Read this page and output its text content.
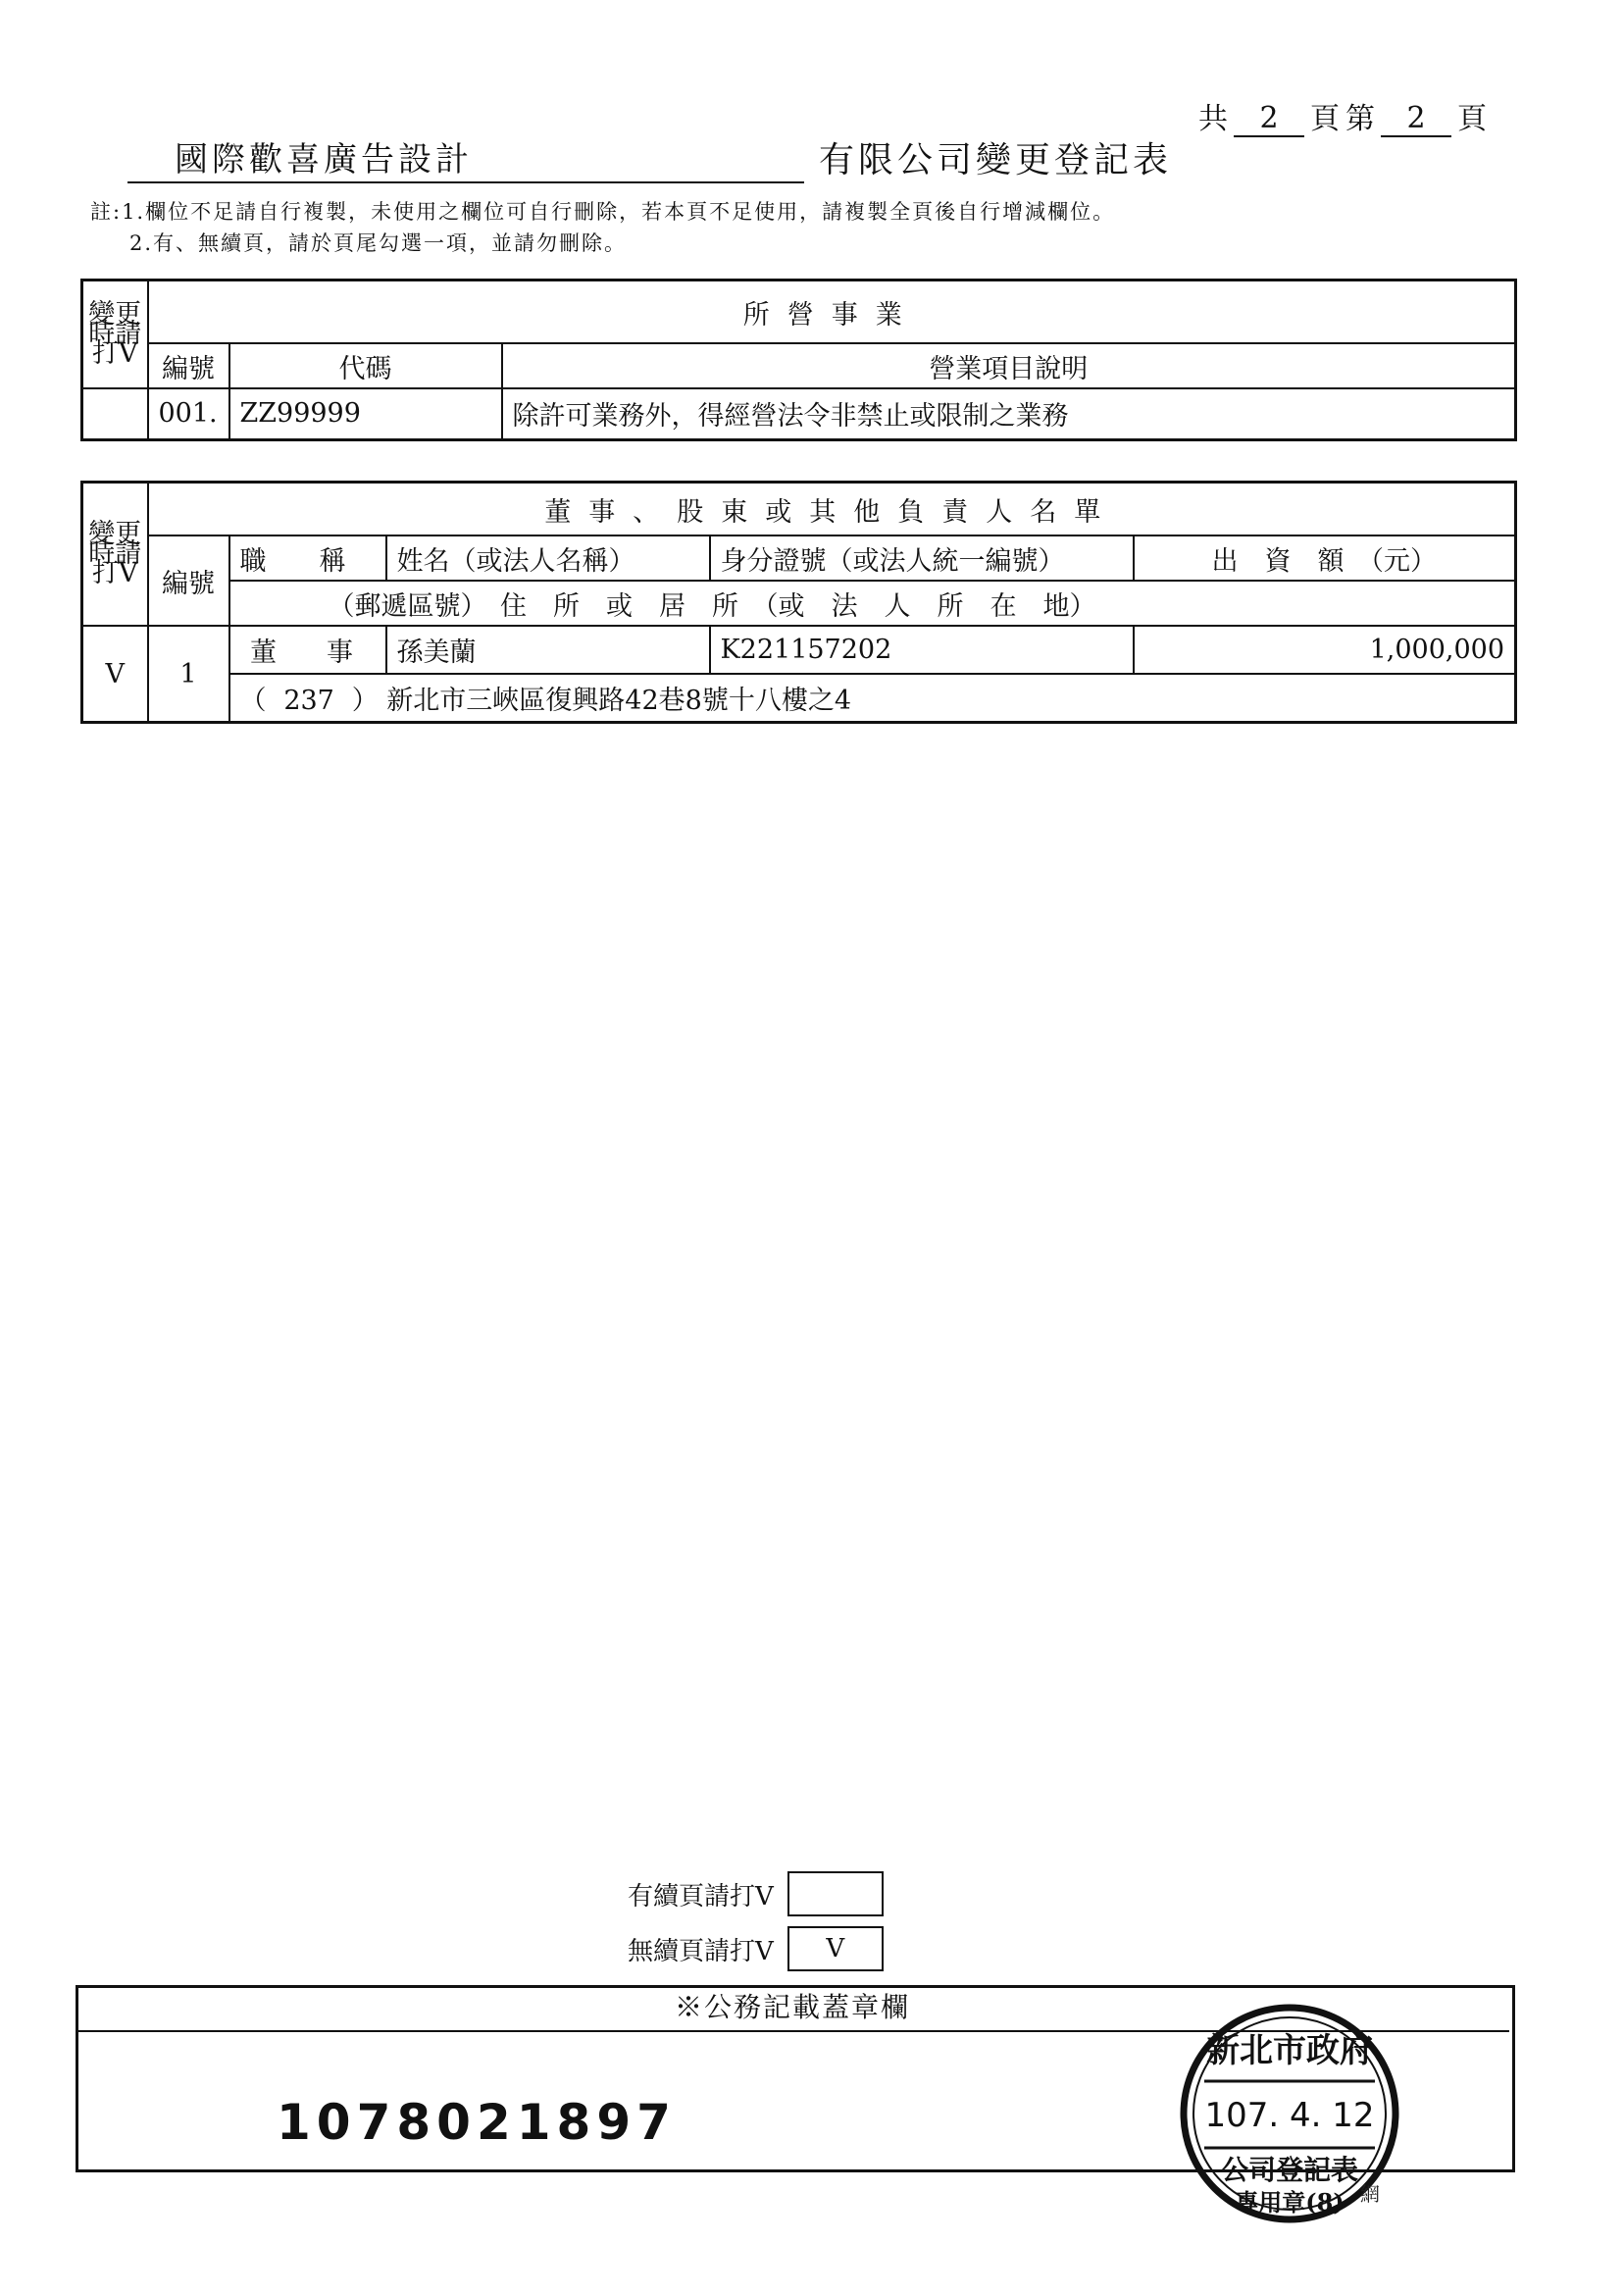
共	2	頁 第	2	頁
國際歡喜廣告設計	有限公司變更登記表
註:1.欄位不足請自行複製，未使用之欄位可自行刪除，若本頁不足使用，請複製全頁後自行增減欄位。
2.有、無續頁，請於頁尾勾選一項，並請勿刪除。
變更時請打V	所營事業		
	編號	代碼	營業項目說明
	001.	ZZ99999	除許可業務外，得經營法令非禁止或限制之業務
變更時請打V	董事、股東或其他負責人名單				
	編號	職　　稱	姓名（或法人名稱）	身分證號（或法人統一編號）	出　資　額　（元）
		（郵遞區號）　住　所　或　居　所　（或　法　人　所　在　地）			
V	1	董　事	孫美蘭	K221157202	1,000,000
		（ 237 ） 新北市三峽區復興路42巷8號十八樓之4			
有續頁請打V
無續頁請打V	V
※公務記載蓋章欄
1078021897
新北市政府
107. 4. 12
公司登記表
專用章(8) 網
